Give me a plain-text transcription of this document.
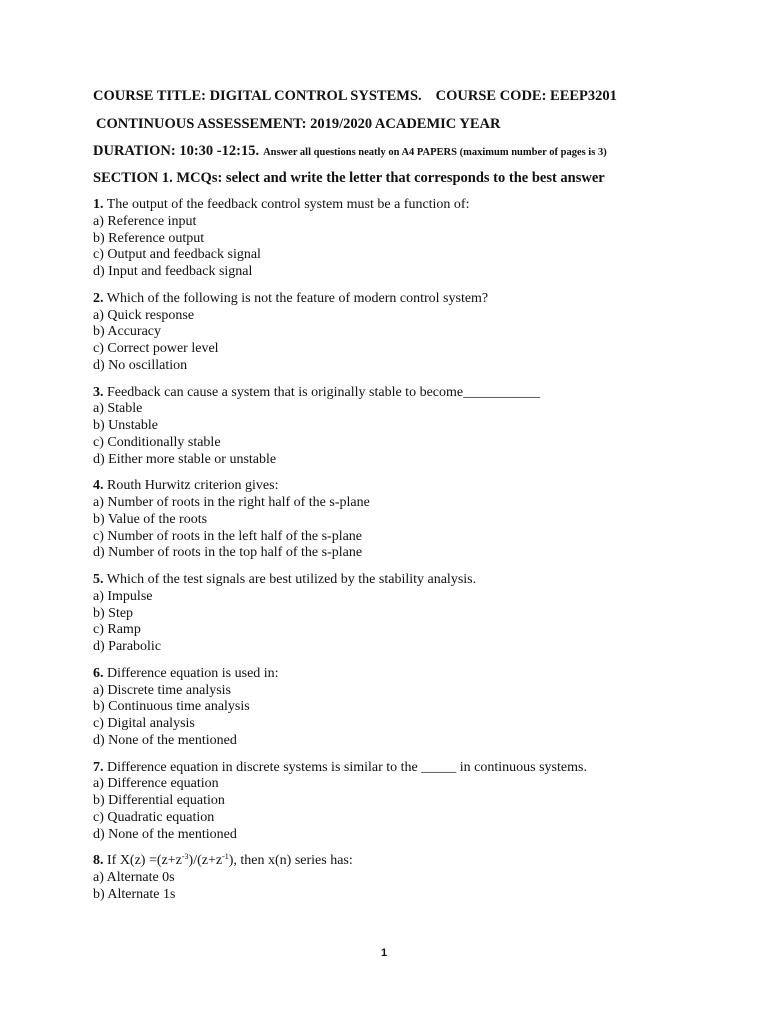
COURSE TITLE: DIGITAL CONTROL SYSTEMS. COURSE CODE: EEEP3201
CONTINUOUS ASSESSEMENT: 2019/2020 ACADEMIC YEAR
DURATION: 10:30 -12:15. Answer all questions neatly on A4 PAPERS (maximum number of pages is 3)
SECTION 1. MCQs: select and write the letter that corresponds to the best answer
1. The output of the feedback control system must be a function of:
a) Reference input
b) Reference output
c) Output and feedback signal
d) Input and feedback signal
2. Which of the following is not the feature of modern control system?
a) Quick response
b) Accuracy
c) Correct power level
d) No oscillation
3. Feedback can cause a system that is originally stable to become___________
a) Stable
b) Unstable
c) Conditionally stable
d) Either more stable or unstable
4. Routh Hurwitz criterion gives:
a) Number of roots in the right half of the s-plane
b) Value of the roots
c) Number of roots in the left half of the s-plane
d) Number of roots in the top half of the s-plane
5. Which of the test signals are best utilized by the stability analysis.
a) Impulse
b) Step
c) Ramp
d) Parabolic
6. Difference equation is used in:
a) Discrete time analysis
b) Continuous time analysis
c) Digital analysis
d) None of the mentioned
7. Difference equation in discrete systems is similar to the _____ in continuous systems.
a) Difference equation
b) Differential equation
c) Quadratic equation
d) None of the mentioned
8. If $X(z) =(z+z^{-3})/(z+z^{-1})$, then x(n) series has:
a) Alternate 0s
b) Alternate 1s
1
